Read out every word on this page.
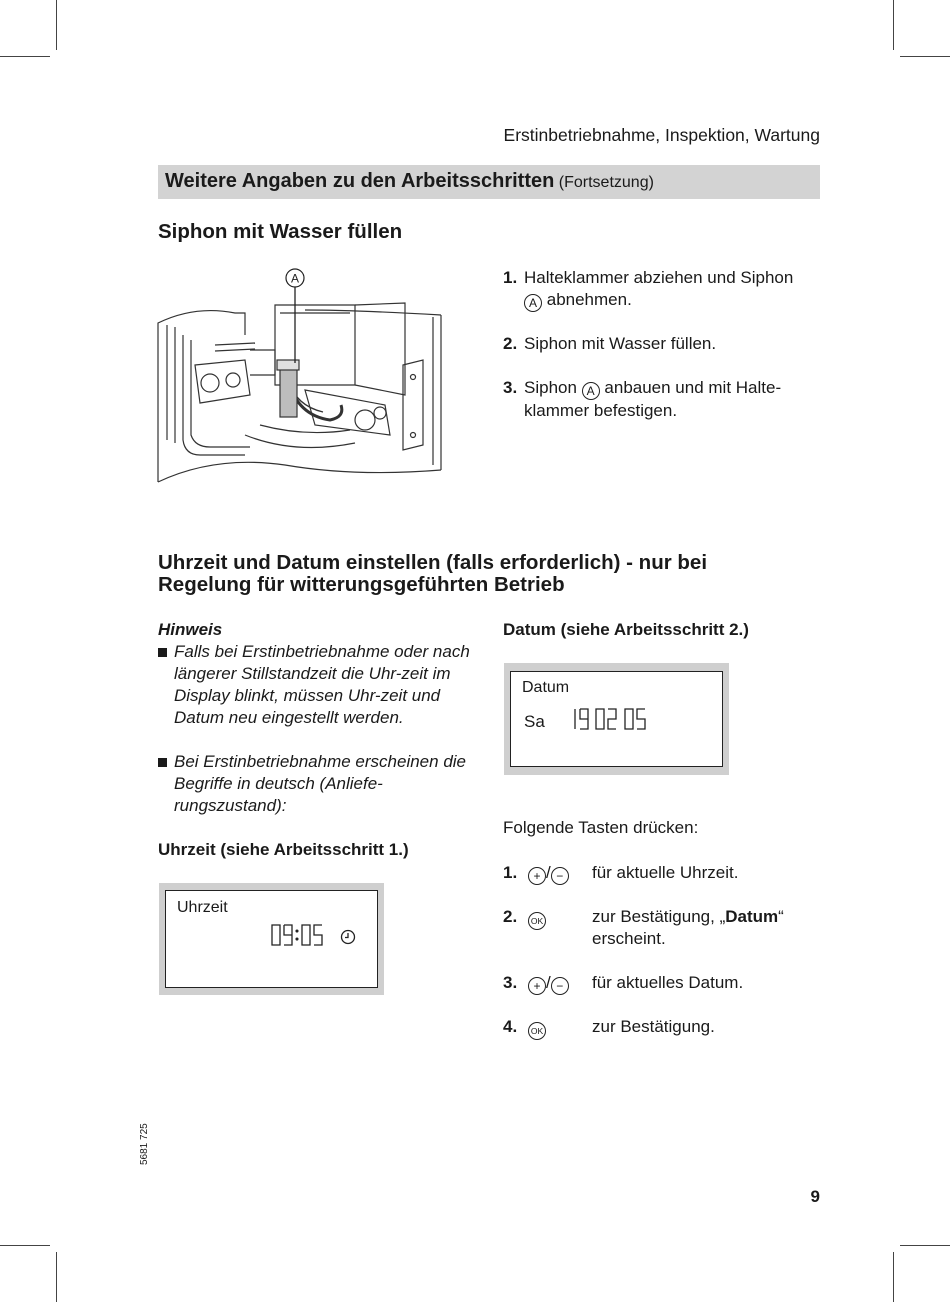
Erstinbetriebnahme, Inspektion, Wartung
Weitere Angaben zu den Arbeitsschritten (Fortsetzung)
Siphon mit Wasser füllen
A	1. Halteklammer abziehen und Siphon
A abnehmen.
2. Siphon mit Wasser füllen.
3. Siphon A anbauen und mit Halte-klammer befestigen.
Uhrzeit und Datum einstellen (falls erforderlich) - nur bei
Regelung für witterungsgeführten Betrieb
Hinweis
Falls bei Erstinbetriebnahme oder nach längerer Stillstandzeit die Uhr-zeit im Display blinkt, müssen Uhr-zeit und Datum neu eingestellt werden.
Bei Erstinbetriebnahme erscheinen die Begriffe in deutsch (Anliefe-rungszustand):
Uhrzeit (siehe Arbeitsschritt 1.)
Uhrzeit
Datum (siehe Arbeitsschritt 2.)
Datum
Sa
Folgende Tasten drücken:
1.	+ / −	für aktuelle Uhrzeit.
2.	OK	zur Bestätigung, „Datum“ erscheint.
3.	+ / −	für aktuelles Datum.
4.	OK	zur Bestätigung.
5681 725
9
